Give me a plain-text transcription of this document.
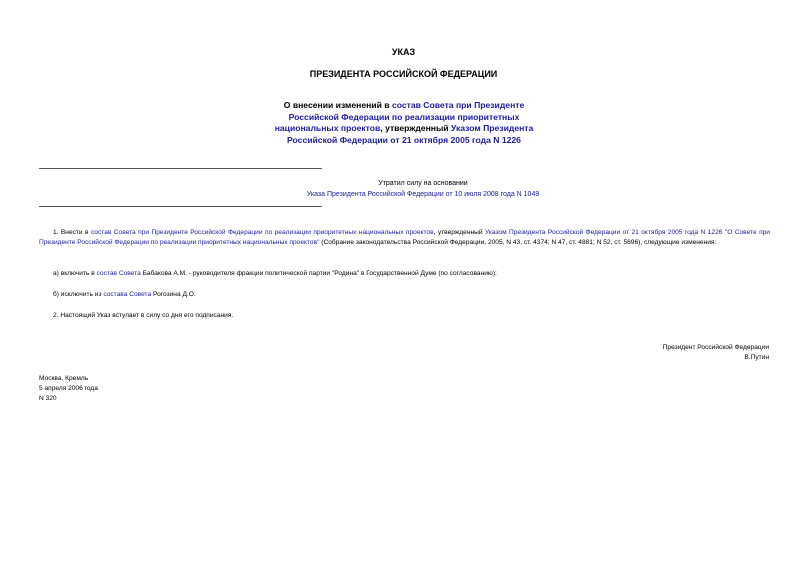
УКАЗ
ПРЕЗИДЕНТА РОССИЙСКОЙ ФЕДЕРАЦИИ
О внесении изменений в состав Совета при Президенте Российской Федерации по реализации приоритетных национальных проектов, утвержденный Указом Президента Российской Федерации от 21 октября 2005 года N 1226
Утратил силу на основании
Указа Президента Российской Федерации от 10 июля 2008 года N 1049
1. Внести в состав Совета при Президенте Российской Федерации по реализации приоритетных национальных проектов, утвержденный Указом Президента Российской Федерации от 21 октября 2005 года N 1226 "О Совете при Президенте Российской Федерации по реализации приоритетных национальных проектов" (Собрание законодательства Российской Федерации, 2005, N 43, ст. 4374; N 47, ст. 4881; N 52, ст. 5696), следующие изменения:
а) включить в состав Совета Бабакова А.М. - руководителя фракции политической партии "Родина" в Государственной Думе (по согласованию);
б) исключить из состава Совета Рогозина Д.О.
2. Настоящий Указ вступает в силу со дня его подписания.
Президент Российской Федерации
В.Путин
Москва, Кремль
5 апреля 2006 года
N 320
